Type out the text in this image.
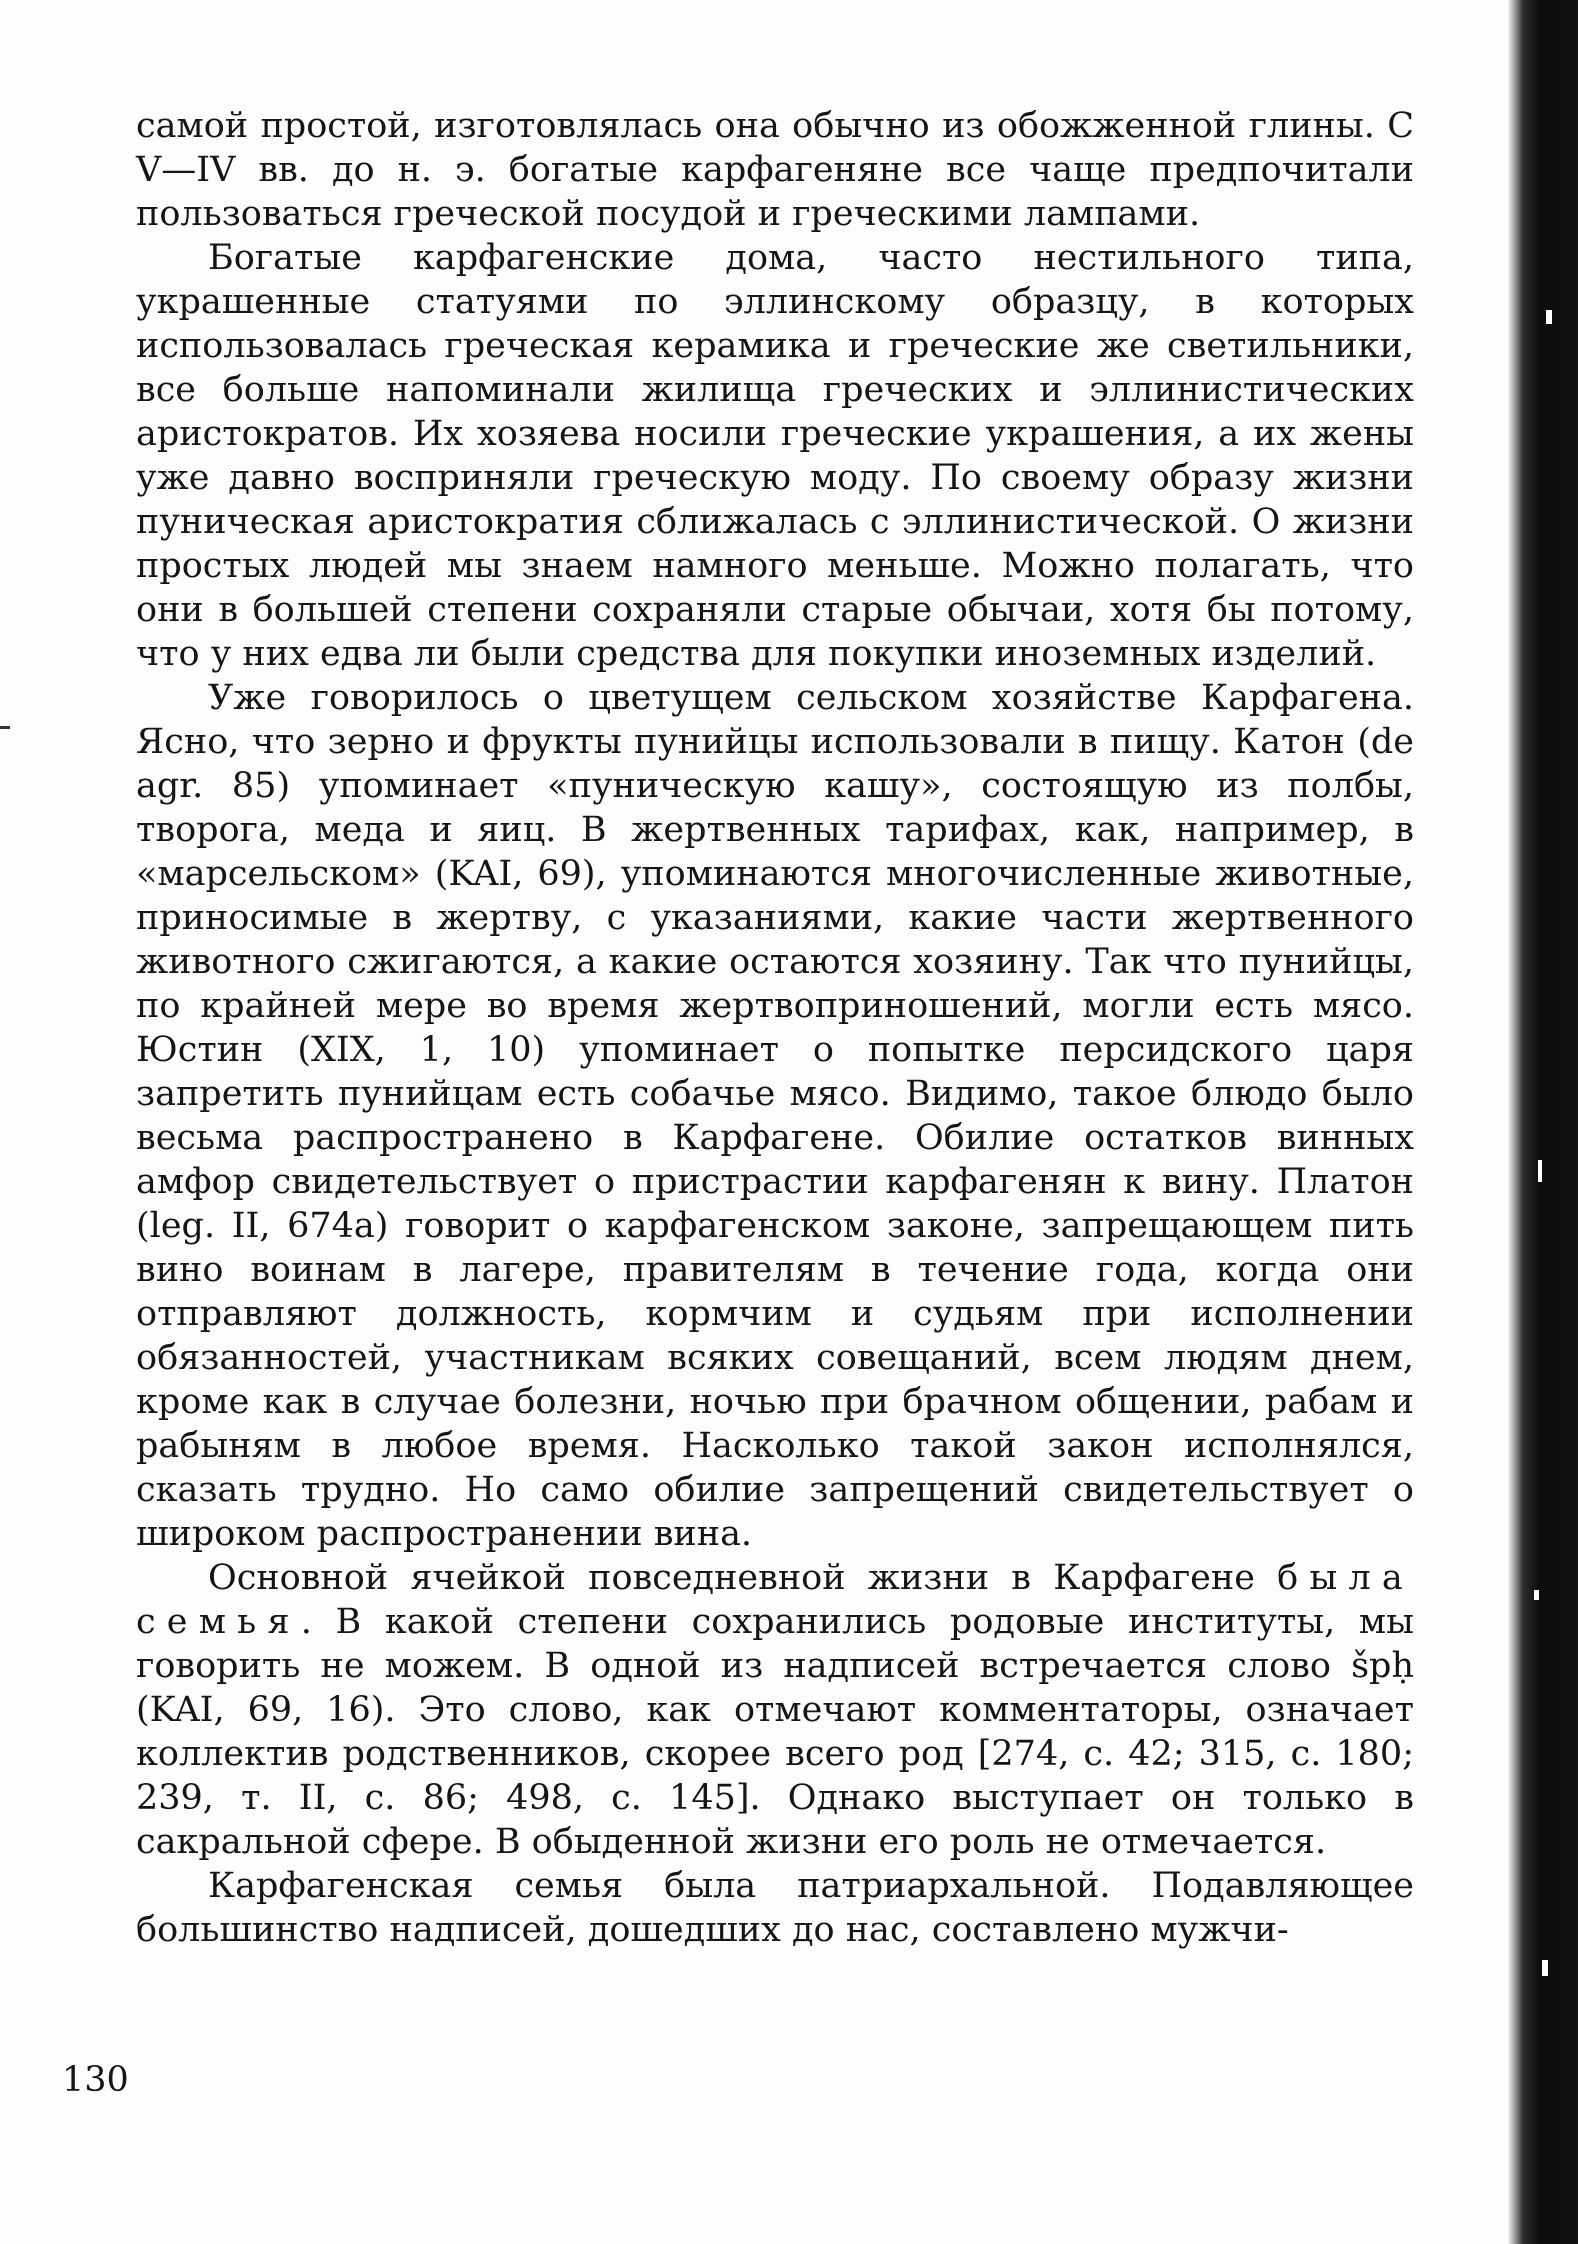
самой простой, изготовлялась она обычно из обожженной глины. С V—IV вв. до н. э. богатые карфагеняне все чаще предпочитали пользоваться греческой посудой и греческими лампами.

Богатые карфагенские дома, часто нестильного типа, украшенные статуями по эллинскому образцу, в которых использовалась греческая керамика и греческие же светильники, все больше напоминали жилища греческих и эллинистических аристократов. Их хозяева носили греческие украшения, а их жены уже давно восприняли греческую моду. По своему образу жизни пуническая аристократия сближалась с эллинистической. О жизни простых людей мы знаем намного меньше. Можно полагать, что они в большей степени сохраняли старые обычаи, хотя бы потому, что у них едва ли были средства для покупки иноземных изделий.

Уже говорилось о цветущем сельском хозяйстве Карфагена. Ясно, что зерно и фрукты пунийцы использовали в пищу. Катон (de agr. 85) упоминает «пуническую кашу», состоящую из полбы, творога, меда и яиц. В жертвенных тарифах, как, например, в «марсельском» (KAI, 69), упоминаются многочисленные животные, приносимые в жертву, с указаниями, какие части жертвенного животного сжигаются, а какие остаются хозяину. Так что пунийцы, по крайней мере во время жертвоприношений, могли есть мясо. Юстин (XIX, 1, 10) упоминает о попытке персидского царя запретить пунийцам есть собачье мясо. Видимо, такое блюдо было весьма распространено в Карфагене. Обилие остатков винных амфор свидетельствует о пристрастии карфагенян к вину. Платон (leg. II, 674a) говорит о карфагенском законе, запрещающем пить вино воинам в лагере, правителям в течение года, когда они отправляют должность, кормчим и судьям при исполнении обязанностей, участникам всяких совещаний, всем людям днем, кроме как в случае болезни, ночью при брачном общении, рабам и рабыням в любое время. Насколько такой закон исполнялся, сказать трудно. Но само обилие запрещений свидетельствует о широком распространении вина.

Основной ячейкой повседневной жизни в Карфагене была семья. В какой степени сохранились родовые институты, мы говорить не можем. В одной из надписей встречается слово špḥ (KAI, 69, 16). Это слово, как отмечают комментаторы, означает коллектив родственников, скорее всего род [274, с. 42; 315, с. 180; 239, т. II, с. 86; 498, с. 145]. Однако выступает он только в сакральной сфере. В обыденной жизни его роль не отмечается.

Карфагенская семья была патриархальной. Подавляющее большинство надписей, дошедших до нас, составлено мужчи-

130
